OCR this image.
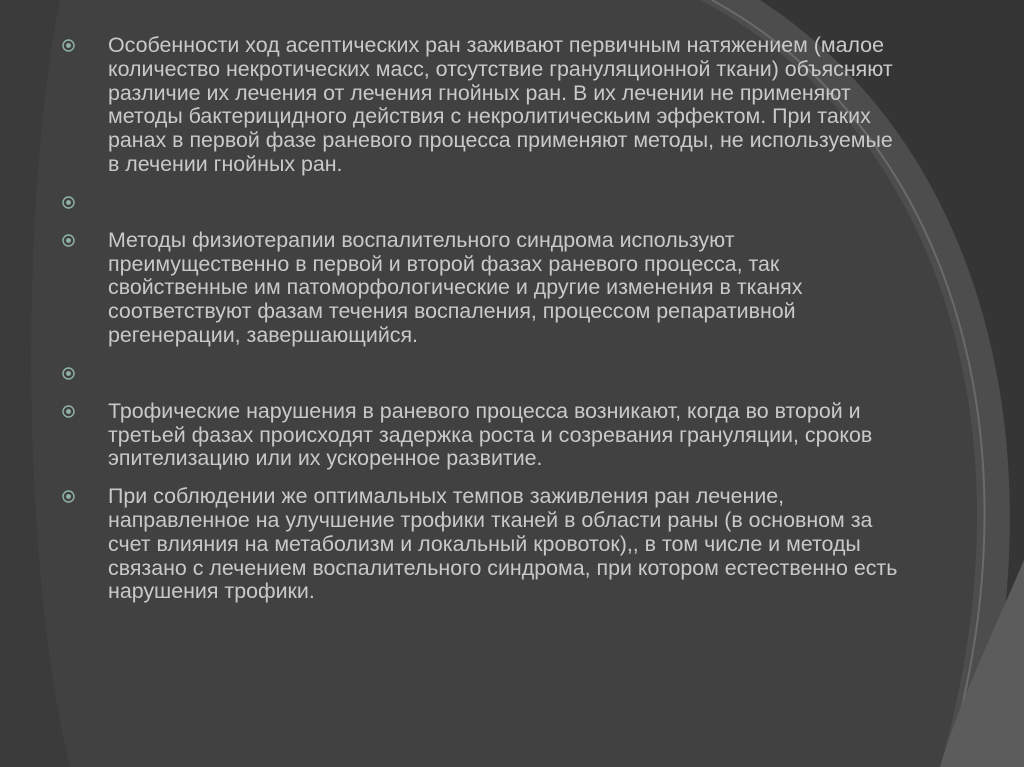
Особенности ход асептических ран заживают первичным натяжением (малое количество некротических масс, отсутствие грануляционной ткани) объясняют различие их лечения от лечения гнойных ран. В их лечении не применяют методы бактерицидного действия с некролитическьим эффектом. При таких ранах в первой фазе раневого процесса применяют методы, не используемые в лечении гнойных ран.
Методы физиотерапии воспалительного синдрома используют преимущественно в первой и второй фазах раневого процесса, так свойственные им патоморфологические и другие изменения в тканях соответствуют фазам течения воспаления, процессом репаративной регенерации, завершающийся.
Трофические нарушения в раневого процесса возникают, когда во второй и третьей фазах происходят задержка роста и созревания грануляции, сроков эпителизацию или их ускоренное развитие.
При соблюдении же оптимальных темпов заживления ран лечение, направленное на улучшение трофики тканей в области раны (в основном за счет влияния на метаболизм и локальный кровоток),, в том числе и методы связано с лечением воспалительного синдрома, при котором естественно есть нарушения трофики.
